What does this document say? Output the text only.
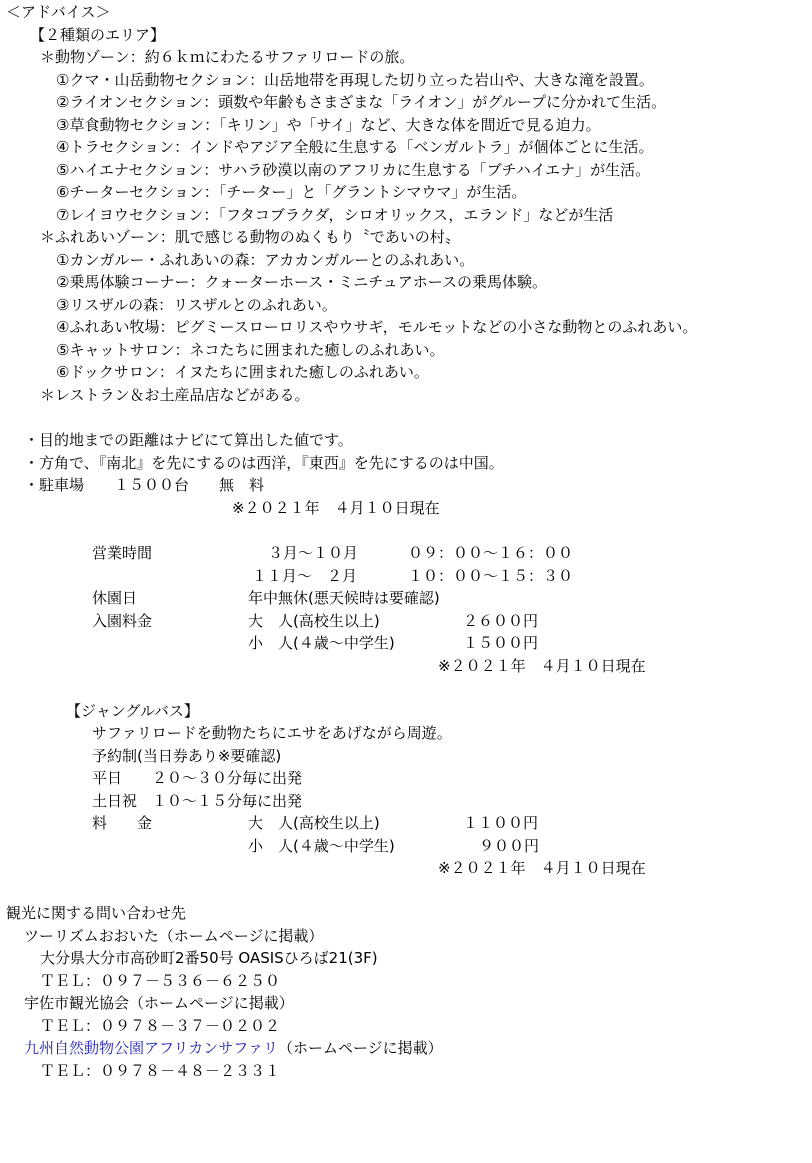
＜アドバイス＞
【２種類のエリア】
＊動物ゾーン：約６ｋｍにわたるサファリロードの旅。
①クマ・山岳動物セクション：山岳地帯を再現した切り立った岩山や、大きな滝を設置。
②ライオンセクション：頭数や年齢もさまざまな「ライオン」がグループに分かれて生活。
③草食動物セクション：「キリン」や「サイ」など、大きな体を間近で見る迫力。
④トラセクション：インドやアジア全般に生息する「ベンガルトラ」が個体ごとに生活。
⑤ハイエナセクション：サハラ砂漠以南のアフリカに生息する「ブチハイエナ」が生活。
⑥チーターセクション：「チーター」と「グラントシマウマ」が生活。
⑦レイヨウセクション：「フタコブラクダ，シロオリックス，エランド」などが生活
＊ふれあいゾーン：肌で感じる動物のぬくもり〝であいの村〟
①カンガルー・ふれあいの森：アカカンガルーとのふれあい。
②乗馬体験コーナー：クォーターホース・ミニチュアホースの乗馬体験。
③リスザルの森：リスザルとのふれあい。
④ふれあい牧場：ピグミースローロリスやウサギ，モルモットなどの小さな動物とのふれあい。
⑤キャットサロン：ネコたちに囲まれた癒しのふれあい。
⑥ドックサロン：イヌたちに囲まれた癒しのふれあい。
＊レストラン＆お土産品店などがある。
・目的地までの距離はナビにて算出した値です。
・方角で、『南北』を先にするのは西洋，『東西』を先にするのは中国。
・駐車場　　１５００台　　無　料
※２０２１年　４月１０日現在
営業時間	３月～１０月	０９：００～１６：００
１１月～　２月	１０：００～１５：３０
休園日	年中無休(悪天候時は要確認)
入園料金	大　人(高校生以上)	２６００円
小　人(４歳～中学生)	１５００円
※２０２１年　４月１０日現在
【ジャングルバス】
サファリロードを動物たちにエサをあげながら周遊。
予約制(当日券あり※要確認)
平日　　２０～３０分毎に出発
土日祝　１０～１５分毎に出発
料　　金	大　人(高校生以上)	１１００円
小　人(４歳～中学生)	９００円
※２０２１年　４月１０日現在
観光に関する問い合わせ先
ツーリズムおおいた（ホームページに掲載）
大分県大分市高砂町2番50号 OASISひろば21(3F)
ＴＥＬ：０９７－５３６－６２５０
宇佐市観光協会（ホームページに掲載）
ＴＥＬ：０９７８－３７－０２０２
九州自然動物公園アフリカンサファリ（ホームページに掲載）
ＴＥＬ：０９７８－４８－２３３１
